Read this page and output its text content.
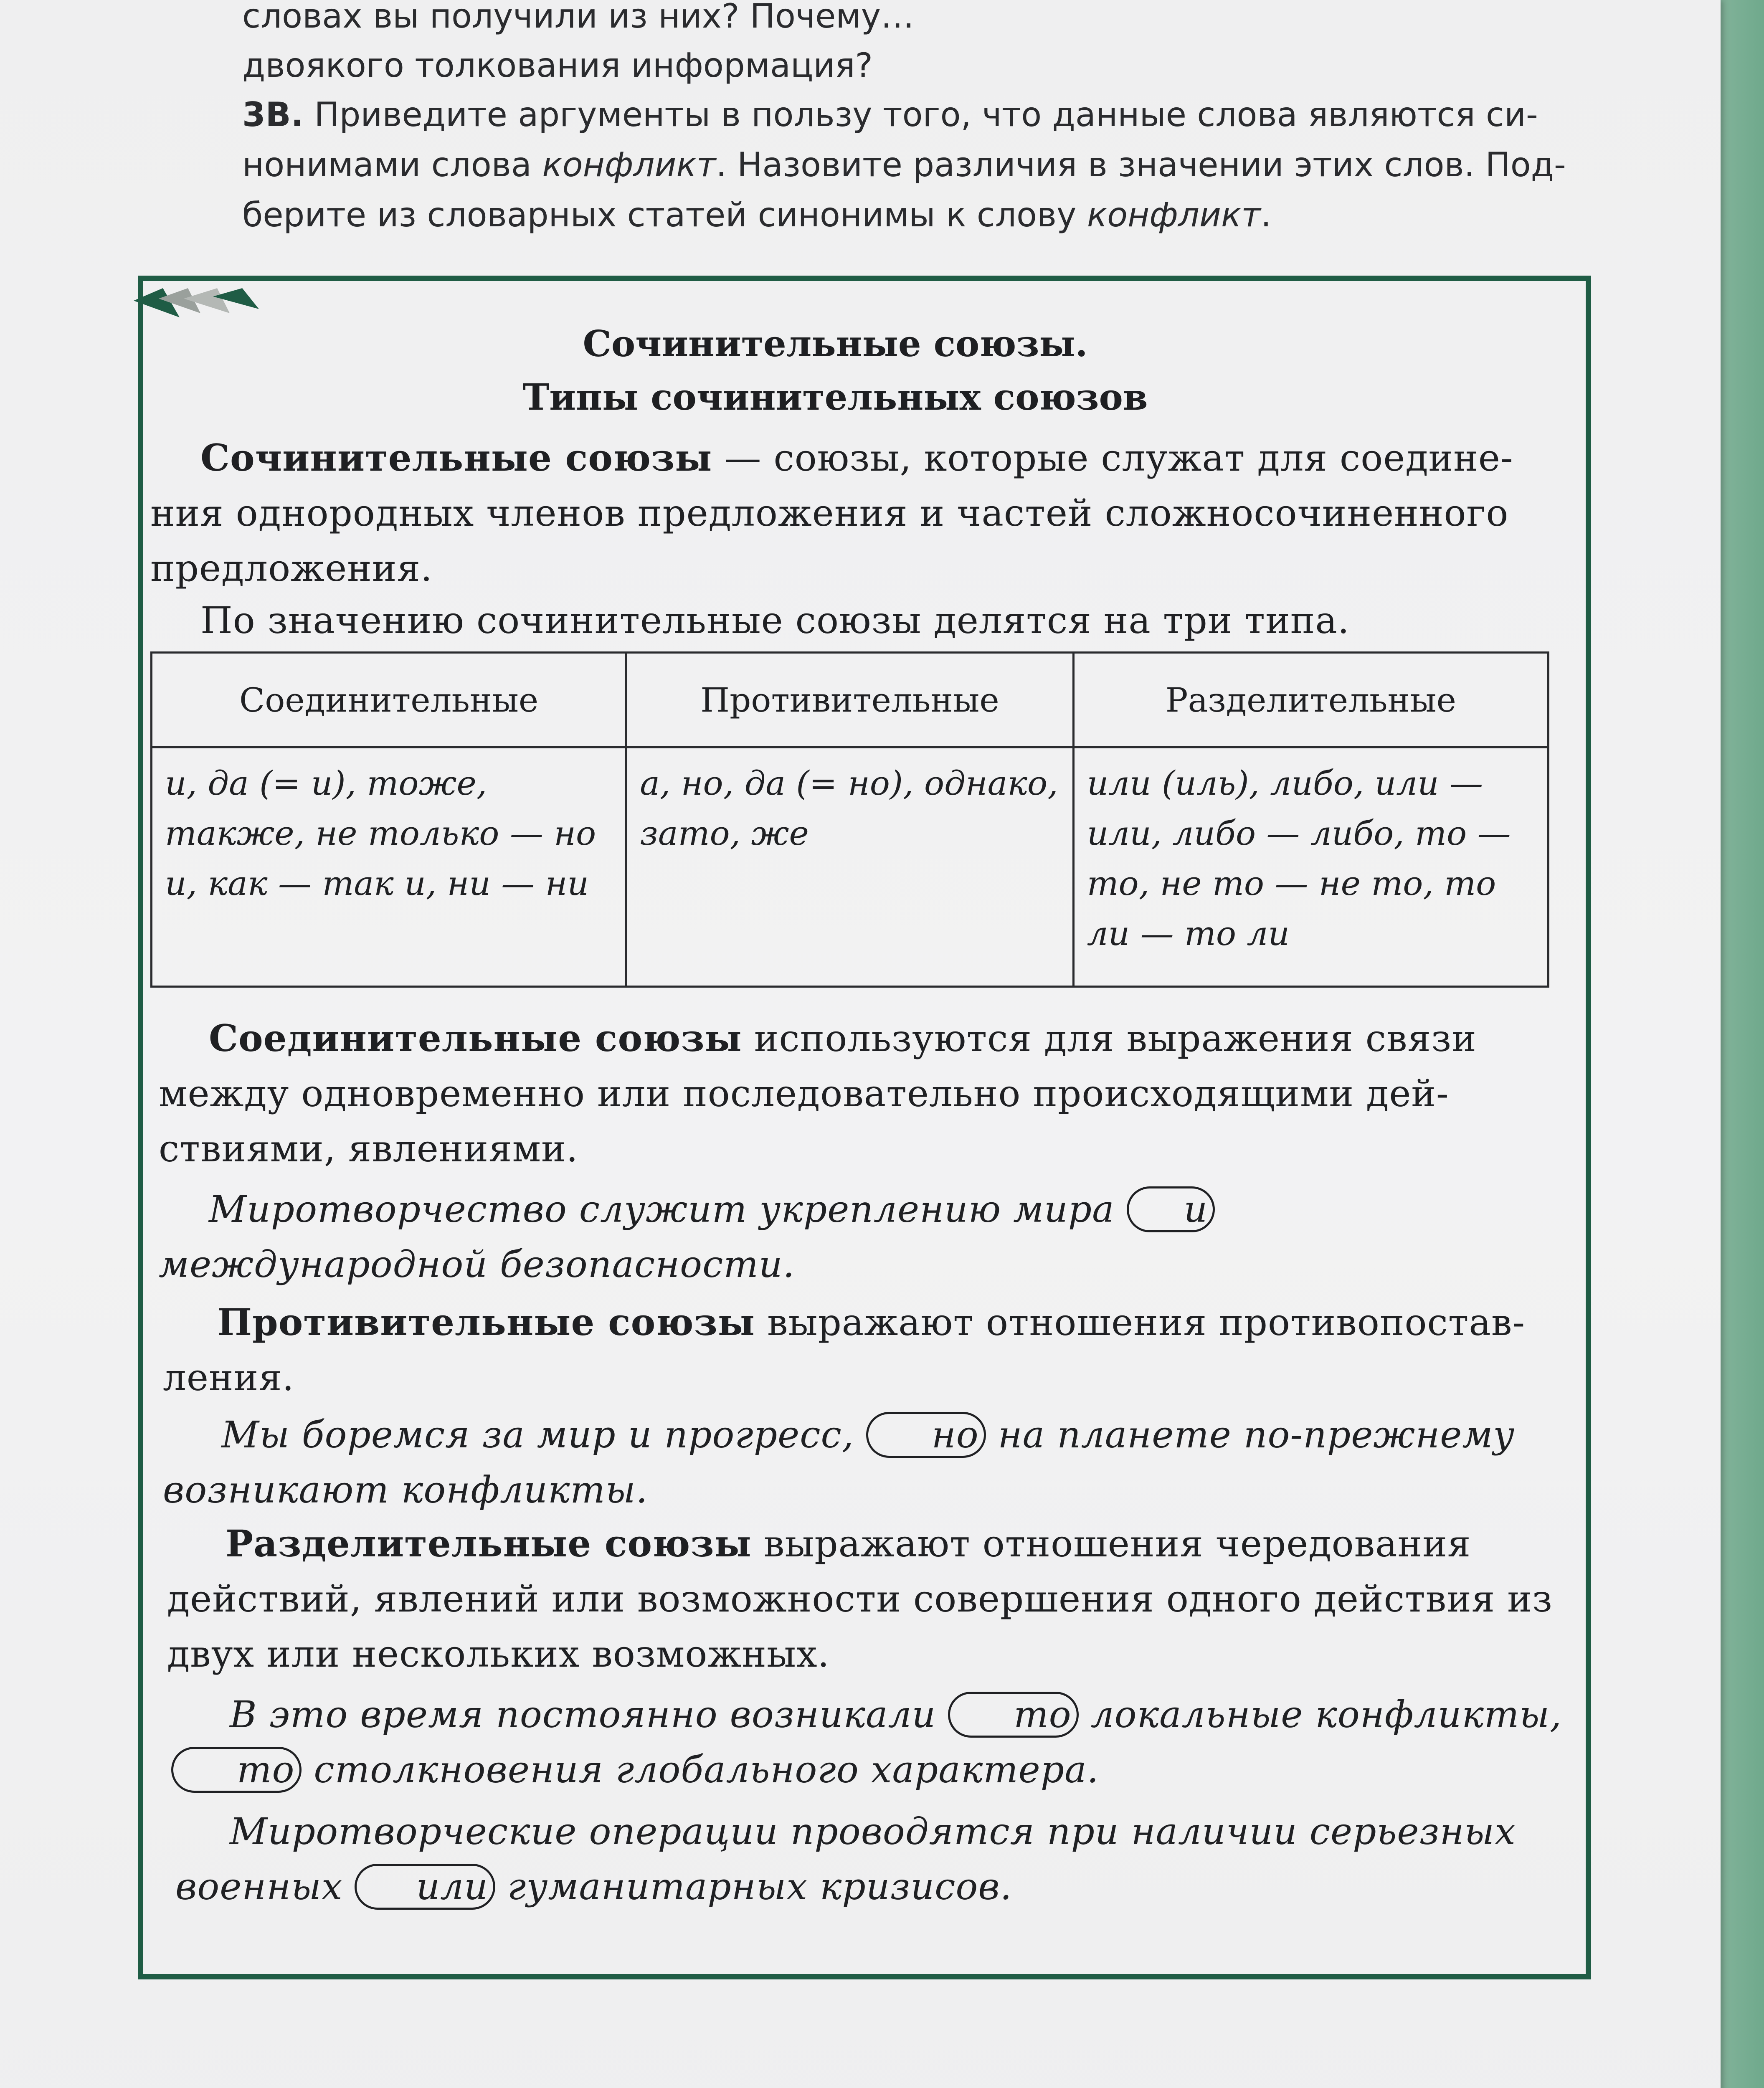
словах вы получили из них? Почему…

двоякого толкования информация?

3В. Приведите аргументы в пользу того, что данные слова являются си-
нонимами слова конфликт. Назовите различия в значении этих слов. Под-
берите из словарных статей синонимы к слову конфликт.
Сочинительные союзы.
Типы сочинительных союзов
Сочинительные союзы — союзы, которые служат для соединения однородных членов предложения и частей сложносочиненного предложения.
По значению сочинительные союзы делятся на три типа.
Соединительные	Противительные	Разделительные
и, да (= и), тоже, также, не только — но и, как — так и, ни — ни	а, но, да (= но), однако, зато, же	или (иль), либо, или — или, либо — либо, то — то, не то — не то, то ли — то ли
Соединительные союзы используются для выражения связи между одновременно или последовательно происходящими действиями, явлениями.
Миротворчество служит укреплению мира и международной безопасности.
Противительные союзы выражают отношения противопоставления.
Мы боремся за мир и прогресс, но на планете по-прежнему возникают конфликты.
Разделительные союзы выражают отношения чередования действий, явлений или возможности совершения одного действия из двух или нескольких возможных.
В это время постоянно возникали то локальные конфликты, то столкновения глобального характера.
Миротворческие операции проводятся при наличии серьезных военных или гуманитарных кризисов.
